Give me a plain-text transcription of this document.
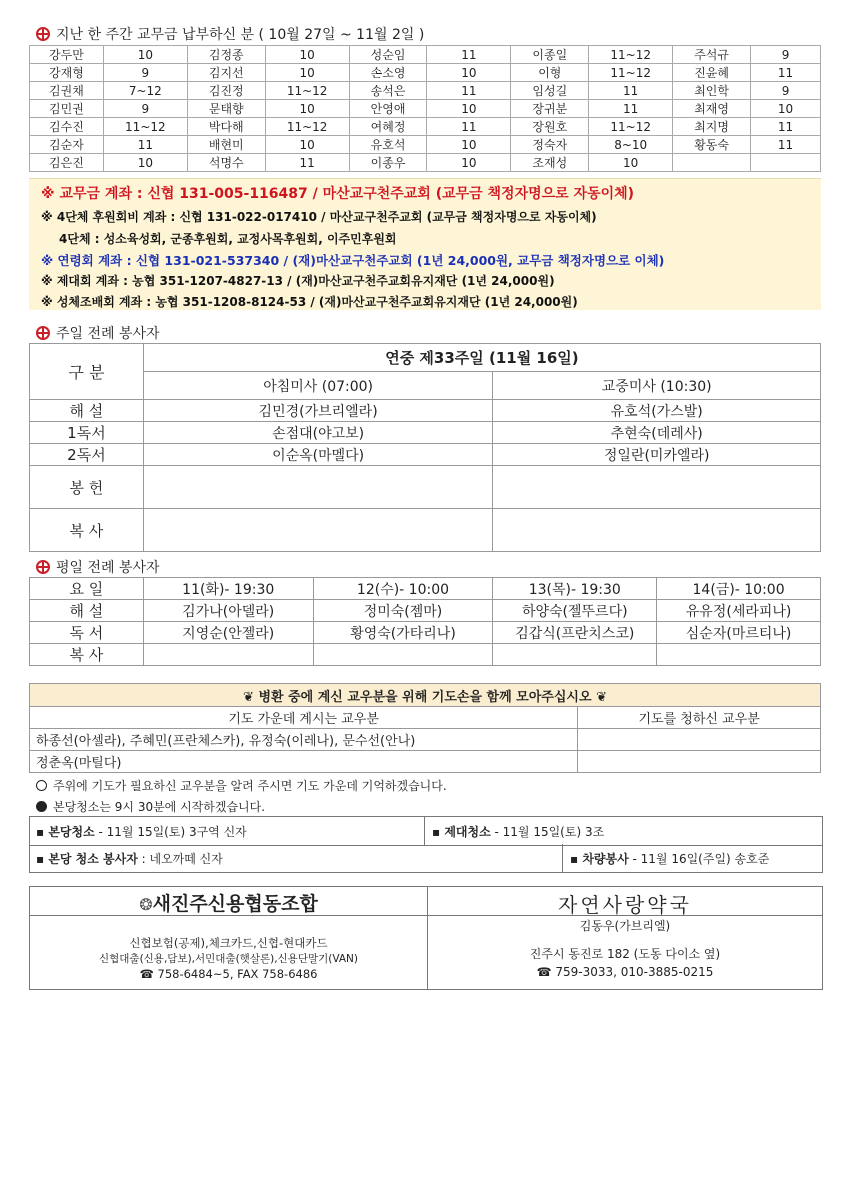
지난 한 주간 교무금 납부하신 분 ( 10월 27일 ~ 11월 2일 )
강두만	10	김정종	10	성순임	11	이종일	11~12	주석규	9
강재형	9	김지선	10	손소영	10	이형	11~12	진윤혜	11
김권채	7~12	김진정	11~12	송석은	11	임성길	11	최인학	9
김민권	9	문태향	10	안영애	10	장귀분	11	최재영	10
김수진	11~12	박다해	11~12	여혜정	11	장원호	11~12	최지명	11
김순자	11	배현미	10	유호석	10	정숙자	8~10	황동숙	11
김은진	10	석명수	11	이종우	10	조재성	10		
※ 교무금 계좌 : 신협 131-005-116487 / 마산교구천주교회 (교무금 책정자명으로 자동이체)
※ 4단체 후원회비 계좌 : 신협 131-022-017410 / 마산교구천주교회 (교무금 책정자명으로 자동이체)
4단체 : 성소육성회, 군종후원회, 교정사목후원회, 이주민후원회
※ 연령회 계좌 : 신협 131-021-537340 / (재)마산교구천주교회 (1년 24,000원, 교무금 책정자명으로 이체)
※ 제대회 계좌 : 농협 351-1207-4827-13 / (재)마산교구천주교회유지재단 (1년 24,000원)
※ 성체조배회 계좌 : 농협 351-1208-8124-53 / (재)마산교구천주교회유지재단 (1년 24,000원)
주일 전례 봉사자
구 분	연중 제33주일 (11월 16일)	
	아침미사 (07:00)	교중미사 (10:30)
해 설	김민경(가브리엘라)	유호석(가스발)
1독서	손점대(야고보)	추현숙(데레사)
2독서	이순옥(마멜다)	정일란(미카엘라)
봉 헌		
복 사		
평일 전례 봉사자
요 일	11(화)- 19:30	12(수)- 10:00	13(목)- 19:30	14(금)- 10:00
해 설	김가나(아델라)	정미숙(젬마)	하양숙(젤뚜르다)	유유정(세라피나)
독 서	지영순(안젤라)	황영숙(가타리나)	김갑식(프란치스코)	심순자(마르티나)
복 사				
❦ 병환 중에 계신 교우분을 위해 기도손을 함께 모아주십시오 ❦	
기도 가운데 계시는 교우분	기도를 청하신 교우분
하종선(아셀라), 주혜민(프란체스카), 유정숙(이레나), 문수선(안나)	
정춘옥(마틸다)	
주위에 기도가 필요하신 교우분을 알려 주시면 기도 가운데 기억하겠습니다.
본당청소는 9시 30분에 시작하겠습니다.
▪ 본당청소 - 11월 15일(토) 3구역 신자	▪ 제대청소 - 11월 15일(토) 3조
▪ 본당 청소 봉사자 : 네오까떼 신자	▪ 차량봉사 - 11월 16일(주일) 송호준
❂새진주신용협동조합
신협보험(공제),체크카드,신협-현대카드
신협대출(신용,담보),서민대출(햇살론),신용단말기(VAN)
☎ 758-6484~5, FAX 758-6486
자연사랑약국
김동우(가브리엘)
진주시 동진로 182 (도동 다이소 옆)
☎ 759-3033, 010-3885-0215
